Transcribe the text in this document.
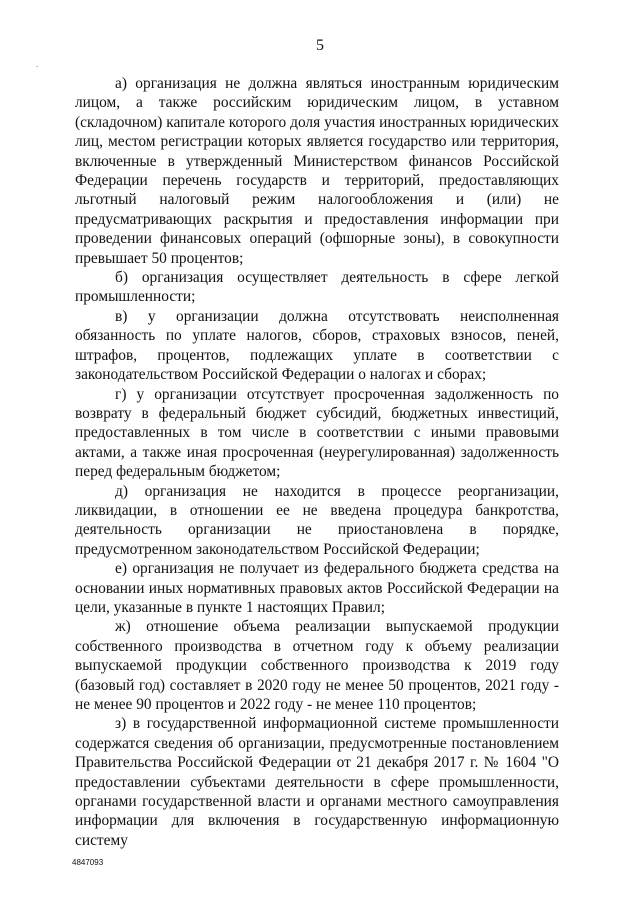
5

а) организация не должна являться иностранным юридическим лицом, а также российским юридическим лицом, в уставном (складочном) капитале которого доля участия иностранных юридических лиц, местом регистрации которых является государство или территория, включенные в утвержденный Министерством финансов Российской Федерации перечень государств и территорий, предоставляющих льготный налоговый режим налогообложения и (или) не предусматривающих раскрытия и предоставления информации при проведении финансовых операций (офшорные зоны), в совокупности превышает 50 процентов;

б) организация осуществляет деятельность в сфере легкой промышленности;

в) у организации должна отсутствовать неисполненная обязанность по уплате налогов, сборов, страховых взносов, пеней, штрафов, процентов, подлежащих уплате в соответствии с законодательством Российской Федерации о налогах и сборах;

г) у организации отсутствует просроченная задолженность по возврату в федеральный бюджет субсидий, бюджетных инвестиций, предоставленных в том числе в соответствии с иными правовыми актами, а также иная просроченная (неурегулированная) задолженность перед федеральным бюджетом;

д) организация не находится в процессе реорганизации, ликвидации, в отношении ее не введена процедура банкротства, деятельность организации не приостановлена в порядке, предусмотренном законодательством Российской Федерации;

е) организация не получает из федерального бюджета средства на основании иных нормативных правовых актов Российской Федерации на цели, указанные в пункте 1 настоящих Правил;

ж) отношение объема реализации выпускаемой продукции собственного производства в отчетном году к объему реализации выпускаемой продукции собственного производства к 2019 году (базовый год) составляет в 2020 году не менее 50 процентов, 2021 году - не менее 90 процентов и 2022 году - не менее 110 процентов;

з) в государственной информационной системе промышленности содержатся сведения об организации, предусмотренные постановлением Правительства Российской Федерации от 21 декабря 2017 г. № 1604 "О предоставлении субъектами деятельности в сфере промышленности, органами государственной власти и органами местного самоуправления информации для включения в государственную информационную систему

4847093
